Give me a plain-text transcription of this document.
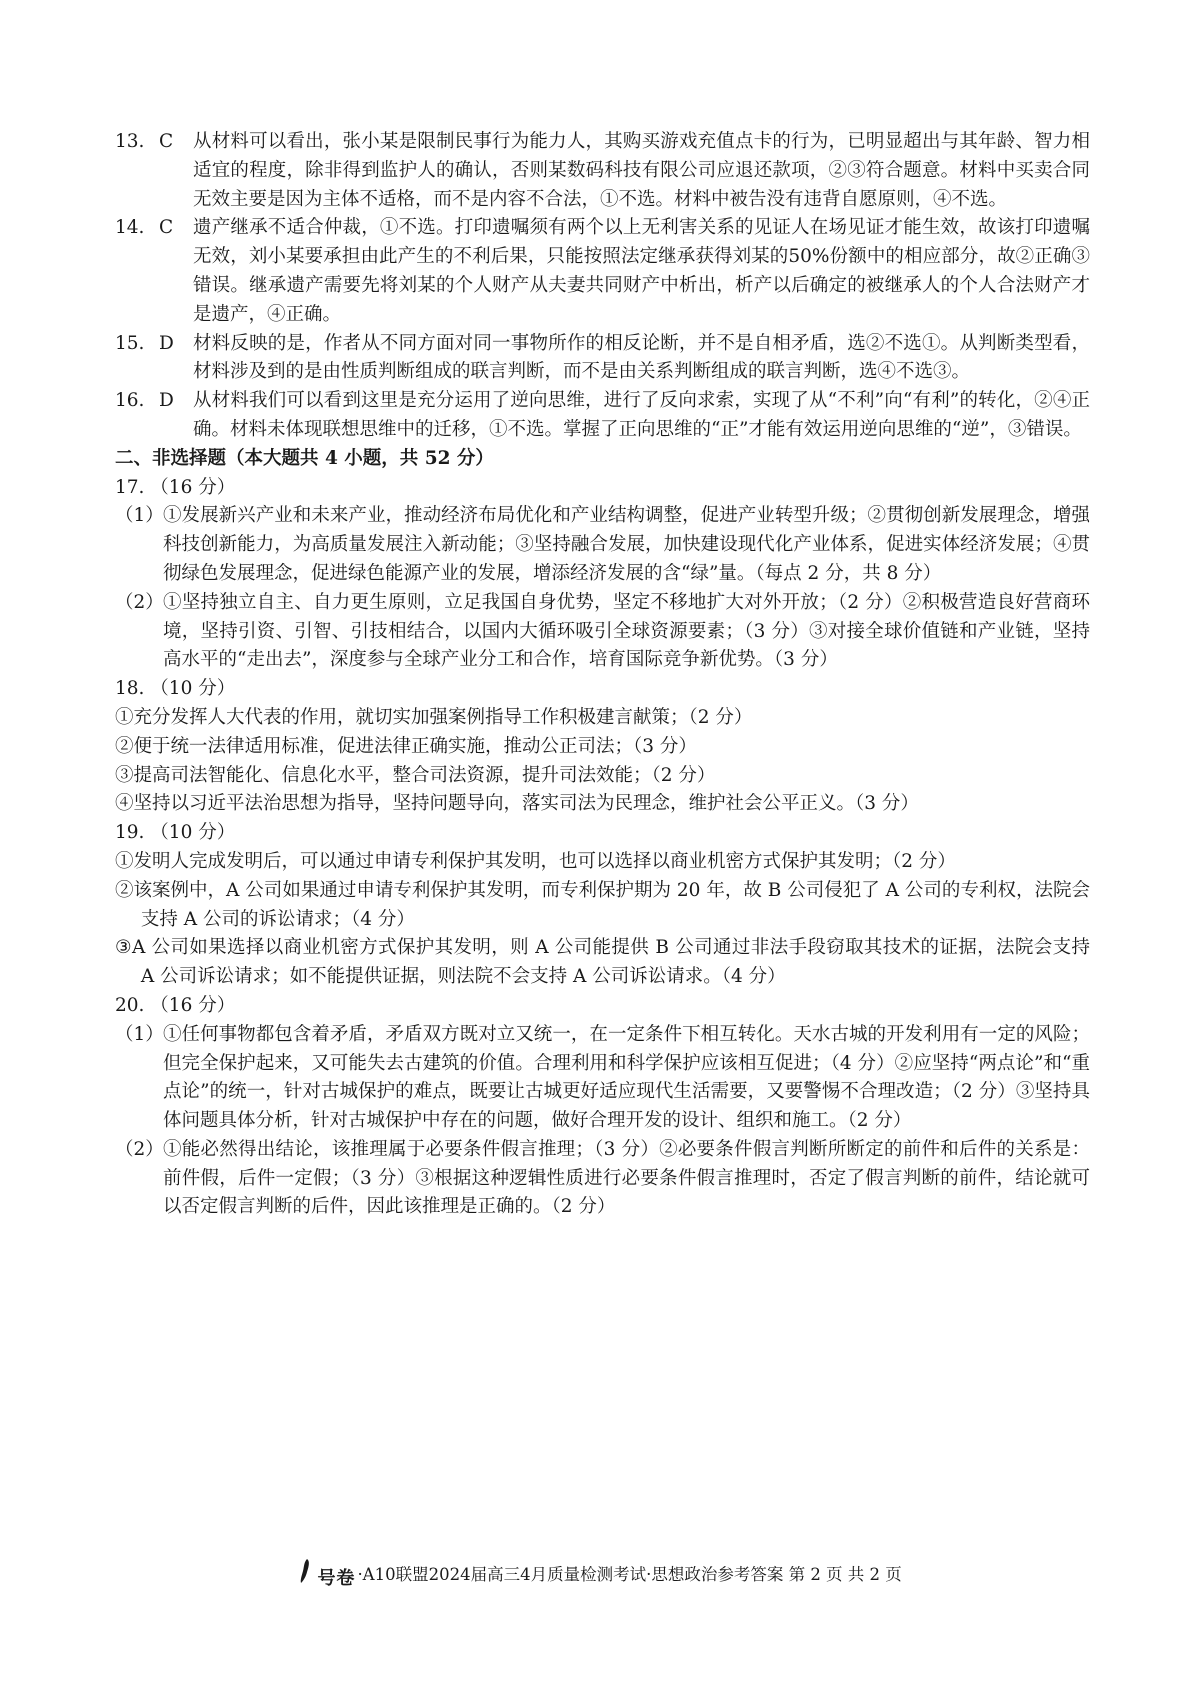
13. C	从材料可以看出，张小某是限制民事行为能力人，其购买游戏充值点卡的行为，已明显超出与其年龄、智力相适宜的程度，除非得到监护人的确认，否则某数码科技有限公司应退还款项，②③符合题意。材料中买卖合同无效主要是因为主体不适格，而不是内容不合法，①不选。材料中被告没有违背自愿原则，④不选。

14. C	遗产继承不适合仲裁，①不选。打印遗嘱须有两个以上无利害关系的见证人在场见证才能生效，故该打印遗嘱无效，刘小某要承担由此产生的不利后果，只能按照法定继承获得刘某的50%份额中的相应部分，故②正确③错误。继承遗产需要先将刘某的个人财产从夫妻共同财产中析出，析产以后确定的被继承人的个人合法财产才是遗产，④正确。

15. D	材料反映的是，作者从不同方面对同一事物所作的相反论断，并不是自相矛盾，选②不选①。从判断类型看，材料涉及到的是由性质判断组成的联言判断，而不是由关系判断组成的联言判断，选④不选③。

16. D	从材料我们可以看到这里是充分运用了逆向思维，进行了反向求索，实现了从“不利”向“有利”的转化，②④正确。材料未体现联想思维中的迁移，①不选。掌握了正向思维的“正”才能有效运用逆向思维的“逆”，③错误。

二、非选择题（本大题共 4 小题，共 52 分）

17. （16 分）

（1） ①发展新兴产业和未来产业，推动经济布局优化和产业结构调整，促进产业转型升级；②贯彻创新发展理念，增强科技创新能力，为高质量发展注入新动能；③坚持融合发展，加快建设现代化产业体系，促进实体经济发展；④贯彻绿色发展理念，促进绿色能源产业的发展，增添经济发展的含“绿”量。（每点 2 分，共 8 分）

（2） ①坚持独立自主、自力更生原则，立足我国自身优势，坚定不移地扩大对外开放；（2 分）②积极营造良好营商环境，坚持引资、引智、引技相结合，以国内大循环吸引全球资源要素；（3 分）③对接全球价值链和产业链，坚持高水平的“走出去”，深度参与全球产业分工和合作，培育国际竞争新优势。（3 分）

18. （10 分）

①充分发挥人大代表的作用，就切实加强案例指导工作积极建言献策；（2 分）

②便于统一法律适用标准，促进法律正确实施，推动公正司法；（3 分）

③提高司法智能化、信息化水平，整合司法资源，提升司法效能；（2 分）

④坚持以习近平法治思想为指导，坚持问题导向，落实司法为民理念，维护社会公平正义。（3 分）

19. （10 分）

①发明人完成发明后，可以通过申请专利保护其发明，也可以选择以商业机密方式保护其发明；（2 分）

②该案例中，A 公司如果通过申请专利保护其发明，而专利保护期为 20 年，故 B 公司侵犯了 A 公司的专利权，法院会支持 A 公司的诉讼请求；（4 分）

③A 公司如果选择以商业机密方式保护其发明，则 A 公司能提供 B 公司通过非法手段窃取其技术的证据，法院会支持 A 公司诉讼请求；如不能提供证据，则法院不会支持 A 公司诉讼请求。（4 分）

20. （16 分）

（1） ①任何事物都包含着矛盾，矛盾双方既对立又统一，在一定条件下相互转化。天水古城的开发利用有一定的风险；但完全保护起来，又可能失去古建筑的价值。合理利用和科学保护应该相互促进；（4 分）②应坚持“两点论”和“重点论”的统一，针对古城保护的难点，既要让古城更好适应现代生活需要，又要警惕不合理改造；（2 分）③坚持具体问题具体分析，针对古城保护中存在的问题，做好合理开发的设计、组织和施工。（2 分）

（2） ①能必然得出结论，该推理属于必要条件假言推理；（3 分）②必要条件假言判断所断定的前件和后件的关系是：前件假，后件一定假；（3 分）③根据这种逻辑性质进行必要条件假言推理时，否定了假言判断的前件，结论就可以否定假言判断的后件，因此该推理是正确的。（2 分）

号卷 ·A10联盟2024届高三4月质量检测考试·思想政治参考答案 第 2 页 共 2 页
